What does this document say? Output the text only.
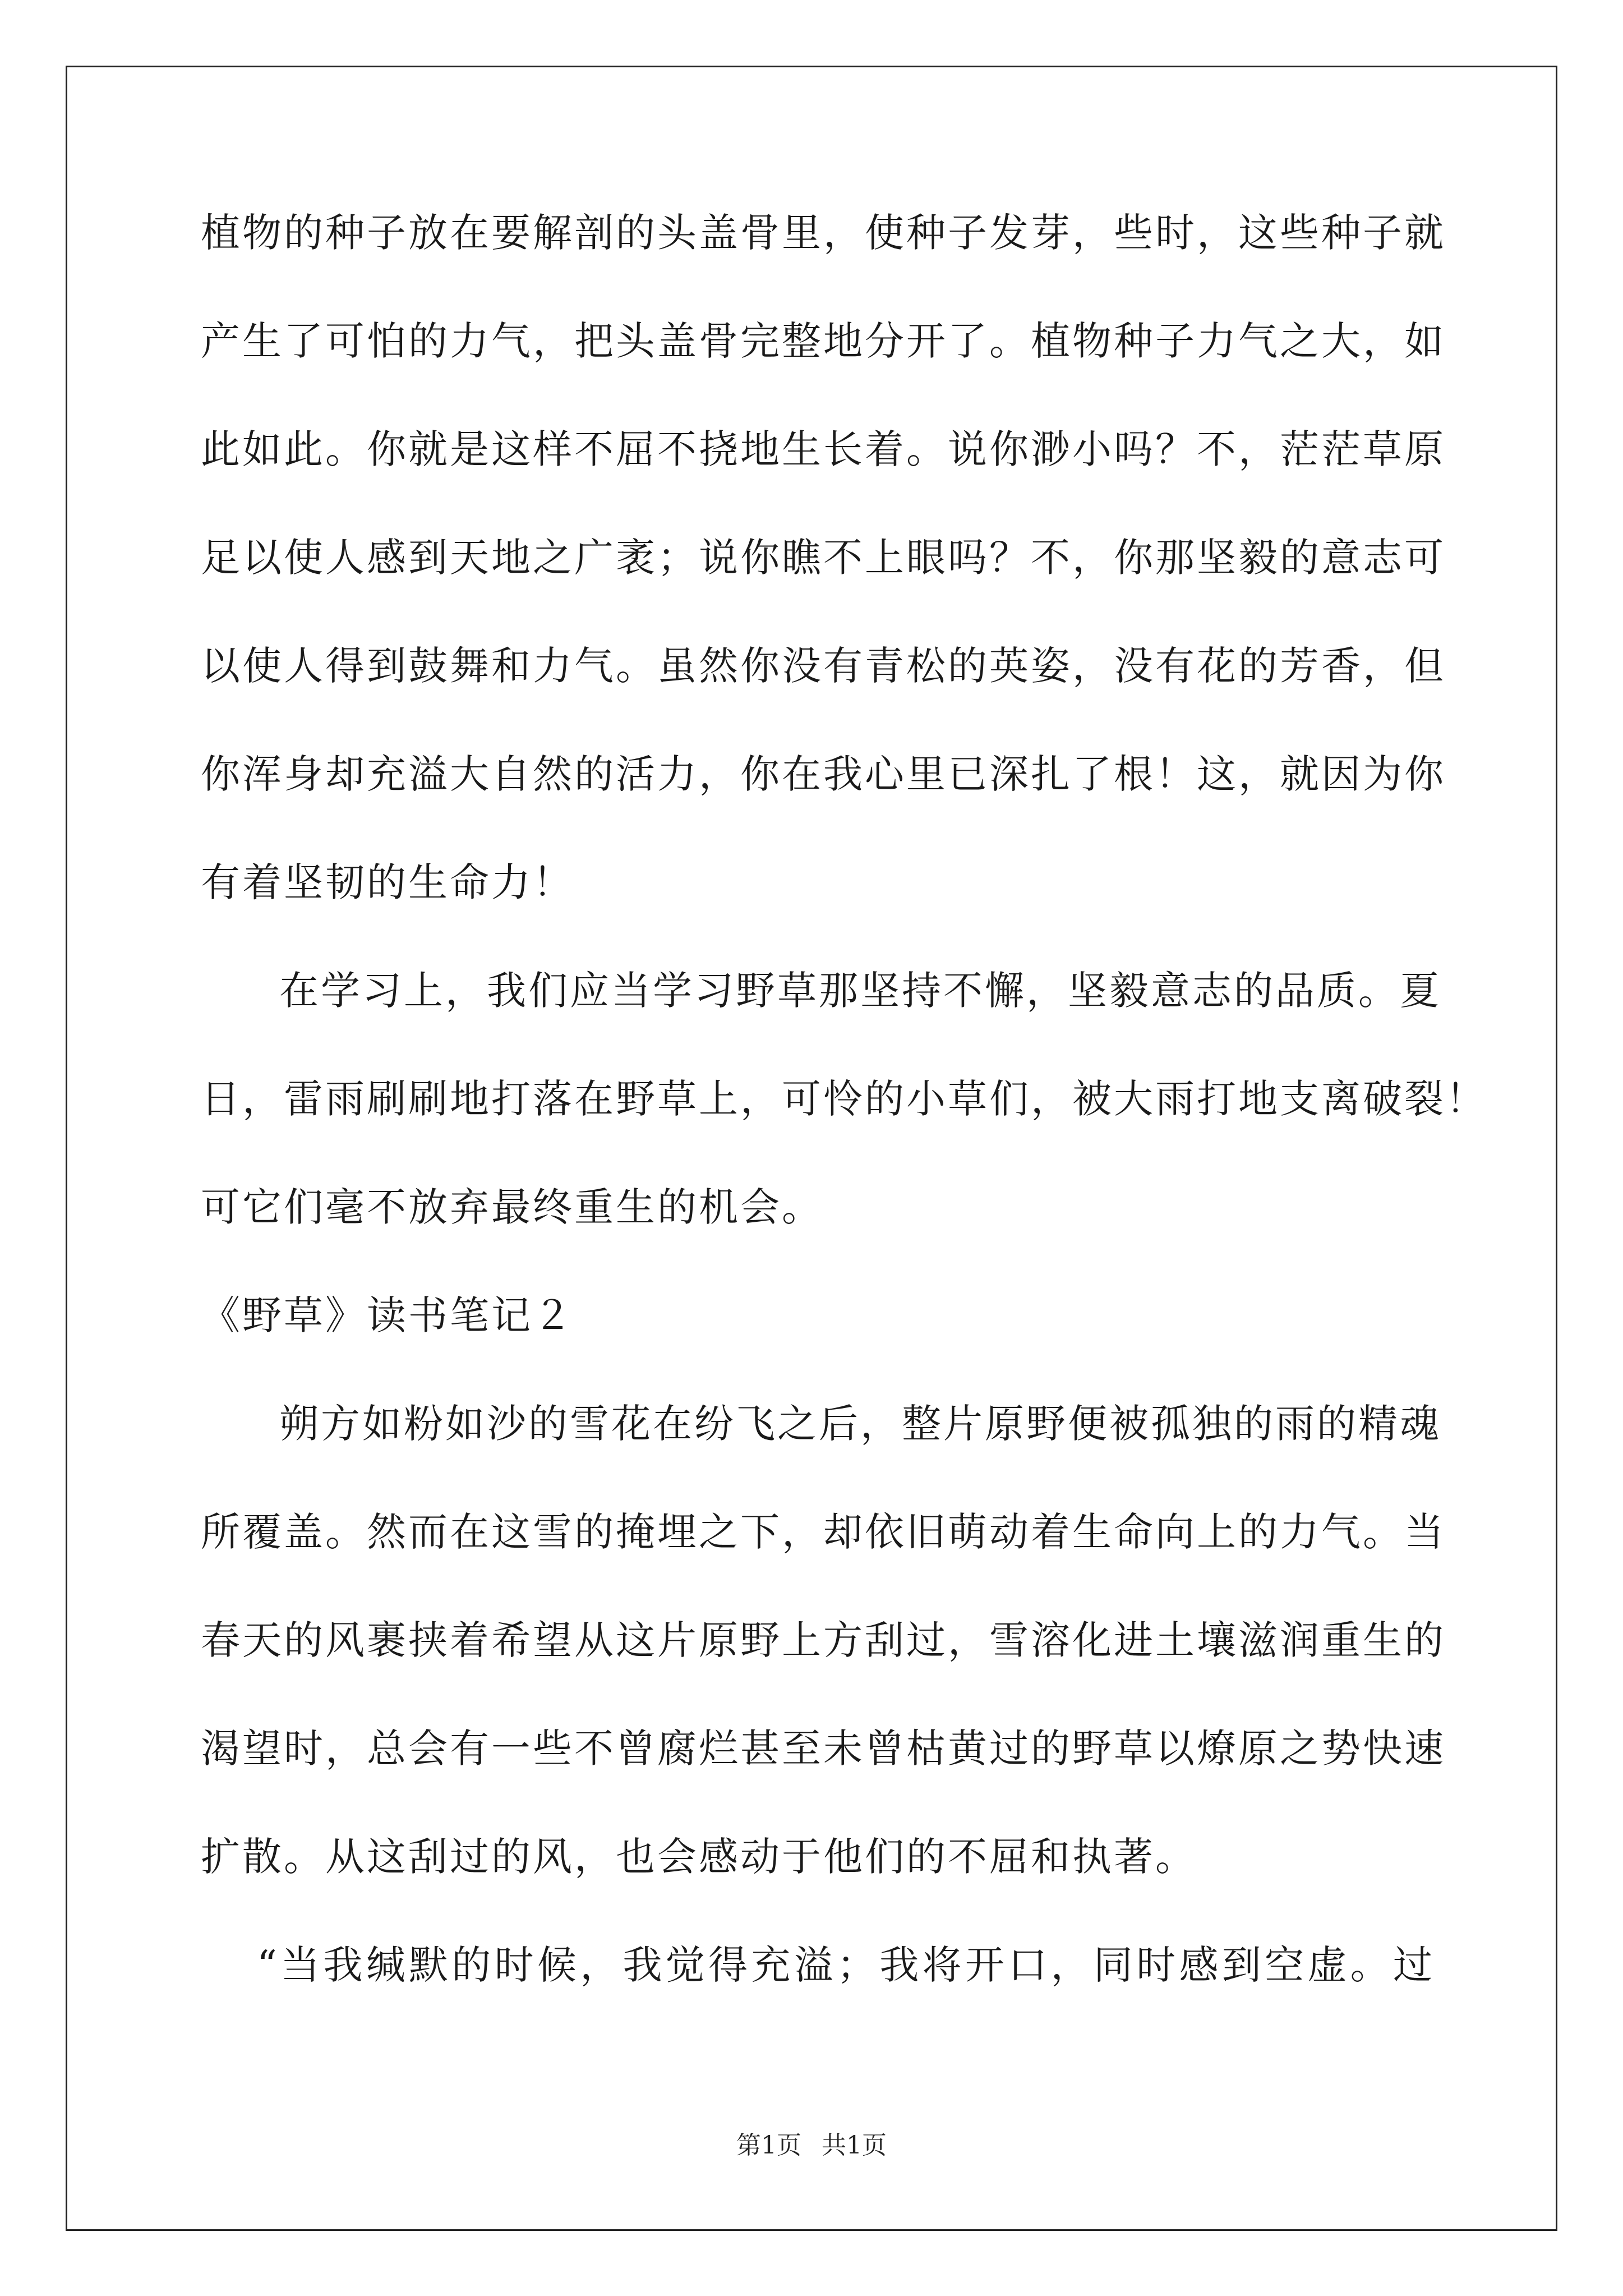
植物的种子放在要解剖的头盖骨里，使种子发芽，些时，这些种子就
产生了可怕的力气，把头盖骨完整地分开了。植物种子力气之大，如
此如此。你就是这样不屈不挠地生长着。说你渺小吗？不，茫茫草原
足以使人感到天地之广袤；说你瞧不上眼吗？不，你那坚毅的意志可
以使人得到鼓舞和力气。虽然你没有青松的英姿，没有花的芳香，但
你浑身却充溢大自然的活力，你在我心里已深扎了根！这，就因为你
有着坚韧的生命力！
在学习上，我们应当学习野草那坚持不懈，坚毅意志的品质。夏
日，雷雨刷刷地打落在野草上，可怜的小草们，被大雨打地支离破裂！
可它们毫不放弃最终重生的机会。
《野草》读书笔记２
朔方如粉如沙的雪花在纷飞之后，整片原野便被孤独的雨的精魂
所覆盖。然而在这雪的掩埋之下，却依旧萌动着生命向上的力气。当
春天的风裹挟着希望从这片原野上方刮过，雪溶化进土壤滋润重生的
渴望时，总会有一些不曾腐烂甚至未曾枯黄过的野草以燎原之势快速
扩散。从这刮过的风，也会感动于他们的不屈和执著。
“当我缄默的时候，我觉得充溢；我将开口，同时感到空虚。过
第1页 共1页
